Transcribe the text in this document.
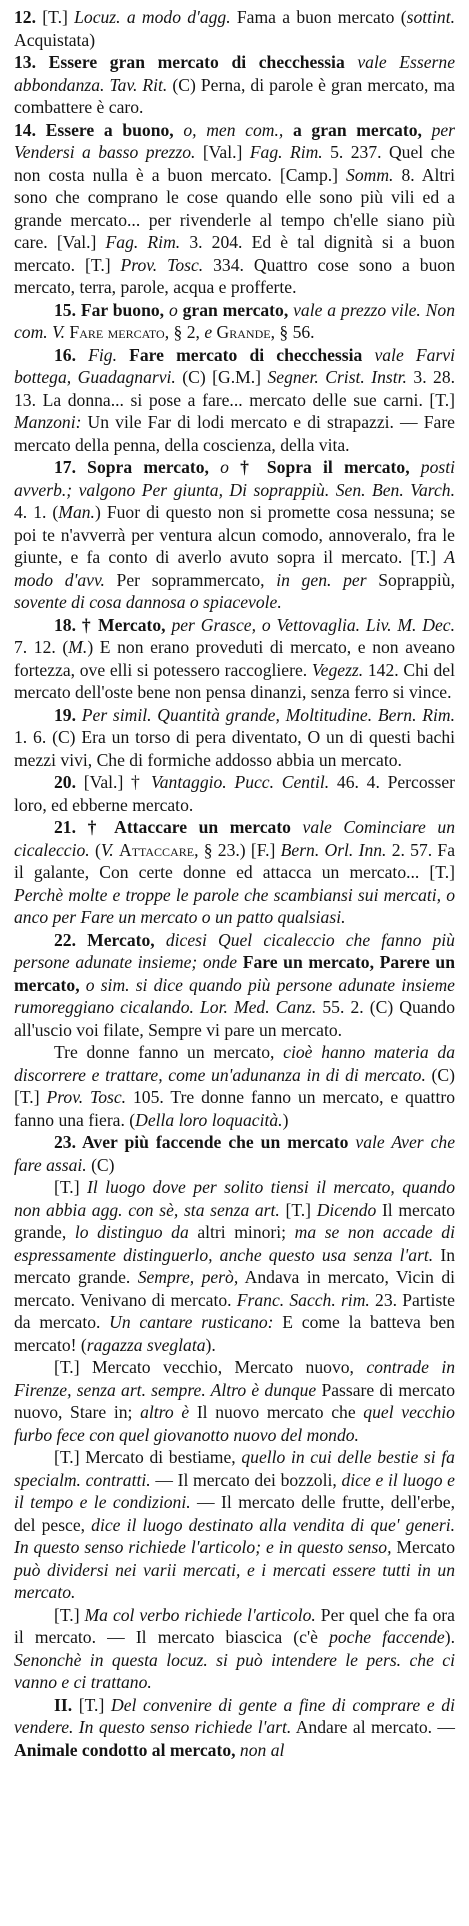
12. [T.] Locuz. a modo d'agg. Fama a buon mercato (sottint. Acquistata)

13. Essere gran mercato di checchessia vale Esserne abbondanza. Tav. Rit. (C) Perna, di parole è gran mercato, ma combattere è caro.

14. Essere a buono, o, men com., a gran mercato, per Vendersi a basso prezzo. [Val.] Fag. Rim. 5. 237. Quel che non costa nulla è a buon mercato. [Camp.] Somm. 8. Altri sono che comprano le cose quando elle sono più vili ed a grande mercato... per rivenderle al tempo ch'elle siano più care. [Val.] Fag. Rim. 3. 204. Ed è tal dignità si a buon mercato. [T.] Prov. Tosc. 334. Quattro cose sono a buon mercato, terra, parole, acqua e profferte.

15. Far buono, o gran mercato, vale a prezzo vile. Non com. V. Fare mercato, § 2, e Grande, § 56.

16. Fig. Fare mercato di checchessia vale Farvi bottega, Guadagnarvi. (C) [G.M.] Segner. Crist. Instr. 3. 28. 13. La donna... si pose a fare... mercato delle sue carni. [T.] Manzoni: Un vile Far di lodi mercato e di strapazzi. — Fare mercato della penna, della coscienza, della vita.

17. Sopra mercato, o † Sopra il mercato, posti avverb.; valgono Per giunta, Di soprappiù. Sen. Ben. Varch. 4. 1. (Man.) Fuor di questo non si promette cosa nessuna; se poi te n'avverrà per ventura alcun comodo, annoveralo, fra le giunte, e fa conto di averlo avuto sopra il mercato. [T.] A modo d'avv. Per soprammercato, in gen. per Soprappiù, sovente di cosa dannosa o spiacevole.

18. † Mercato, per Grasce, o Vettovaglia. Liv. M. Dec. 7. 12. (M.) E non erano proveduti di mercato, e non aveano fortezza, ove elli si potessero raccogliere. Vegezz. 142. Chi del mercato dell'oste bene non pensa dinanzi, senza ferro si vince.

19. Per simil. Quantità grande, Moltitudine. Bern. Rim. 1. 6. (C) Era un torso di pera diventato, O un di questi bachi mezzi vivi, Che di formiche addosso abbia un mercato.

20. [Val.] † Vantaggio. Pucc. Centil. 46. 4. Percosser loro, ed ebberne mercato.

21. † Attaccare un mercato vale Cominciare un cicaleccio. (V. Attaccare, § 23.) [F.] Bern. Orl. Inn. 2. 57. Fa il galante, Con certe donne ed attacca un mercato... [T.] Perchè molte e troppe le parole che scambiansi sui mercati, o anco per Fare un mercato o un patto qualsiasi.

22. Mercato, dicesi Quel cicaleccio che fanno più persone adunate insieme; onde Fare un mercato, Parere un mercato, o sim. si dice quando più persone adunate insieme rumoreggiano cicalando. Lor. Med. Canz. 55. 2. (C) Quando all'uscio voi filate, Sempre vi pare un mercato.

Tre donne fanno un mercato, cioè hanno materia da discorrere e trattare, come un'adunanza in di di mercato. (C) [T.] Prov. Tosc. 105. Tre donne fanno un mercato, e quattro fanno una fiera. (Della loro loquacità.)

23. Aver più faccende che un mercato vale Aver che fare assai. (C)

[T.] Il luogo dove per solito tiensi il mercato, quando non abbia agg. con sè, sta senza art. [T.] Dicendo Il mercato grande, lo distinguo da altri minori; ma se non accade di espressamente distinguerlo, anche questo usa senza l'art. In mercato grande. Sempre, però, Andava in mercato, Vicin di mercato. Venivano di mercato. Franc. Sacch. rim. 23. Partiste da mercato. Un cantare rusticano: E come la batteva ben mercato! (ragazza sveglata).

[T.] Mercato vecchio, Mercato nuovo, contrade in Firenze, senza art. sempre. Altro è dunque Passare di mercato nuovo, Stare in; altro è Il nuovo mercato che quel vecchio furbo fece con quel giovanotto nuovo del mondo.

[T.] Mercato di bestiame, quello in cui delle bestie si fa specialm. contratti. — Il mercato dei bozzoli, dice e il luogo e il tempo e le condizioni. — Il mercato delle frutte, dell'erbe, del pesce, dice il luogo destinato alla vendita di que' generi. In questo senso richiede l'articolo; e in questo senso, Mercato può dividersi nei varii mercati, e i mercati essere tutti in un mercato.

[T.] Ma col verbo richiede l'articolo. Per quel che fa ora il mercato. — Il mercato biascica (c'è poche faccende). Senonchè in questa locuz. si può intendere le pers. che ci vanno e ci trattano.

II. [T.] Del convenire di gente a fine di comprare e di vendere. In questo senso richiede l'art. Andare al mercato. — Animale condotto al mercato, non al
